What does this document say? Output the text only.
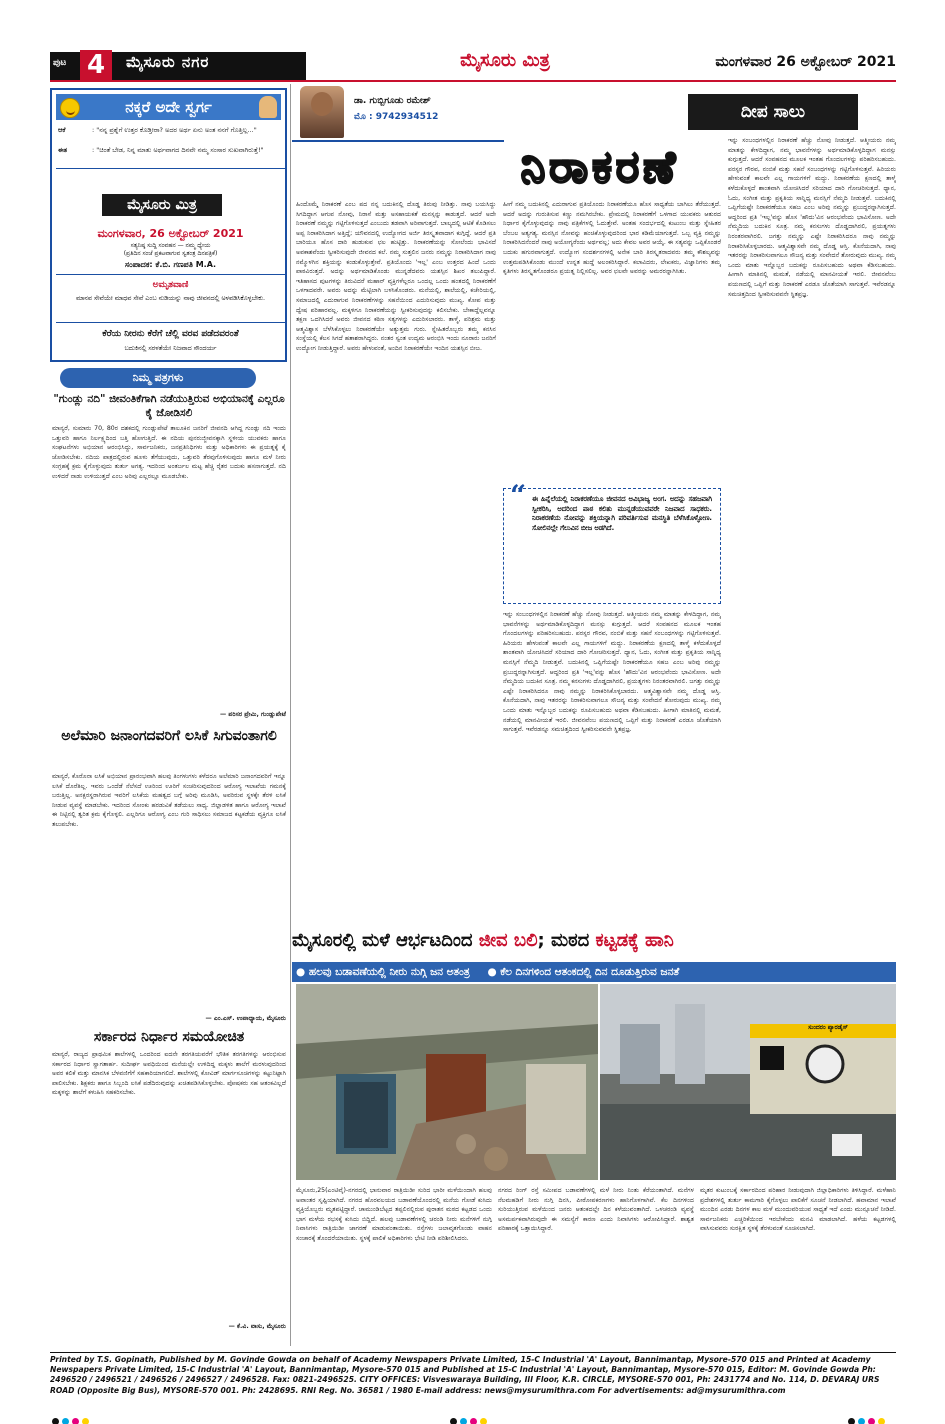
ಪುಟ 4	ಮೈಸೂರು ನಗರ	ಮೈಸೂರು ಮಿತ್ರ	ಮಂಗಳವಾರ 26 ಅಕ್ಟೋಬರ್ 2021
ನಕ್ಕರೆ ಅದೇ ಸ್ವರ್ಗ
ಆಕೆ	: "ನನ್ನ ಪ್ರಶ್ನೆಗೆ ಉತ್ತರ ಕೊಡ್ತೀರಾ? ಅದರ ಅರ್ಥ ಏನು ಅಂತ ನನಗೆ ಗೊತ್ತಿಲ್ಲ..."
ಈತ	: "ಚಿಂತೆ ಬೇಡ, ನಿನ್ನ ಮಾತು ಅರ್ಥವಾಗದ ದಿನವೇ ನಮ್ಮ ಸಂಸಾರ ಸುಖವಾಗಿರುತ್ತೆ!"
ಮೈಸೂರು ಮಿತ್ರ
ಮಂಗಳವಾರ, 26 ಅಕ್ಟೋಬರ್ 2021
ಸತ್ಯನಿಷ್ಠ ಸುದ್ದಿ ಸಂವಹನ — ನಮ್ಮ ಧ್ಯೇಯ
(ಪ್ರತಿದಿನ ಸಂಜೆ ಪ್ರಕಟವಾಗುವ ಸ್ವತಂತ್ರ ದಿನಪತ್ರಿಕೆ)
ಸಂಪಾದಕ: ಕೆ.ಬಿ. ಗಣಪತಿ M.A.
ಅಮೃತವಾಣಿ
ಮಾನವ ಸೇವೆಯೇ ಮಾಧವ ಸೇವೆ ಎಂಬ ನುಡಿಯನ್ನು ನಾವು ಜೀವನದಲ್ಲಿ ಅಳವಡಿಸಿಕೊಳ್ಳಬೇಕು.
ಕೆರೆಯ ನೀರನು ಕೆರೆಗೆ ಚೆಲ್ಲಿ ವರವ ಪಡೆದವರಂತೆ
ಬದುಕಿನಲ್ಲಿ ಸರಳತೆಯೇ ನಿಜವಾದ ಸೌಂದರ್ಯ
ನಿಮ್ಮ ಪತ್ರಗಳು
"ಗುಂಡ್ಲು ನದಿ" ಜೀವಂತಿಕೆಗಾಗಿ ನಡೆಯುತ್ತಿರುವ ಅಭಿಯಾನಕ್ಕೆ ಎಲ್ಲರೂ ಕೈ ಜೋಡಿಸಲಿ
ಮಾನ್ಯರೆ, ಸುಮಾರು 70, 80ರ ದಶಕದಲ್ಲಿ ಗುಂಡ್ಲುಪೇಟೆ ತಾಲೂಕಿನ ಜನರಿಗೆ ಜೀವನದಿ ಆಗಿದ್ದ ಗುಂಡ್ಲು ನದಿ ಇಂದು ಒತ್ತುವರಿ ಹಾಗೂ ನಿರ್ಲಕ್ಷ್ಯದಿಂದ ಬತ್ತಿ ಹೋಗುತ್ತಿದೆ. ಈ ನದಿಯ ಪುನರುಜ್ಜೀವನಕ್ಕಾಗಿ ಸ್ಥಳೀಯ ಯುವಕರು ಹಾಗೂ ಸಂಘಟನೆಗಳು ಅಭಿಯಾನ ಆರಂಭಿಸಿದ್ದು, ಸಾರ್ವಜನಿಕರು, ಜನಪ್ರತಿನಿಧಿಗಳು ಮತ್ತು ಅಧಿಕಾರಿಗಳು ಈ ಪ್ರಯತ್ನಕ್ಕೆ ಕೈ ಜೋಡಿಸಬೇಕು. ನದಿಯ ಪಾತ್ರದಲ್ಲಿರುವ ಹೂಳು ತೆಗೆಯುವುದು, ಒತ್ತುವರಿ ತೆರವುಗೊಳಿಸುವುದು ಹಾಗೂ ಮಳೆ ನೀರು ಸಂಗ್ರಹಕ್ಕೆ ಕ್ರಮ ಕೈಗೊಳ್ಳುವುದು ತುರ್ತು ಅಗತ್ಯ. ಇದರಿಂದ ಅಂತರ್ಜಲ ಮಟ್ಟ ಹೆಚ್ಚಿ ರೈತರ ಬದುಕು ಹಸನಾಗುತ್ತದೆ. ನದಿ ಉಳಿದರೆ ನಾಡು ಉಳಿಯುತ್ತದೆ ಎಂಬ ಅರಿವು ಎಲ್ಲರಲ್ಲೂ ಮೂಡಬೇಕು.
— ಪರಿಸರ ಪ್ರೇಮಿ, ಗುಂಡ್ಲುಪೇಟೆ
ಅಲೆಮಾರಿ ಜನಾಂಗದವರಿಗೆ ಲಸಿಕೆ ಸಿಗುವಂತಾಗಲಿ
ಮಾನ್ಯರೆ, ಕೊರೊನಾ ಲಸಿಕೆ ಅಭಿಯಾನ ಪ್ರಾರಂಭವಾಗಿ ಹಲವು ತಿಂಗಳುಗಳು ಕಳೆದರೂ ಅಲೆಮಾರಿ ಜನಾಂಗದವರಿಗೆ ಇನ್ನೂ ಲಸಿಕೆ ದೊರೆತಿಲ್ಲ. ಇವರು ಒಂದೆಡೆ ನೆಲೆಸದೆ ಊರಿಂದ ಊರಿಗೆ ಸಂಚರಿಸುವುದರಿಂದ ಆರೋಗ್ಯ ಇಲಾಖೆಯ ಗಮನಕ್ಕೆ ಬರುತ್ತಿಲ್ಲ. ಅನಕ್ಷರಸ್ಥರಾಗಿರುವ ಇವರಿಗೆ ಲಸಿಕೆಯ ಮಹತ್ವದ ಬಗ್ಗೆ ಅರಿವು ಮೂಡಿಸಿ, ಅವರಿರುವ ಸ್ಥಳಕ್ಕೇ ತೆರಳಿ ಲಸಿಕೆ ನೀಡುವ ವ್ಯವಸ್ಥೆ ಮಾಡಬೇಕು. ಇದರಿಂದ ಸೋಂಕು ಹರಡುವಿಕೆ ತಡೆಯಲು ಸಾಧ್ಯ. ಜಿಲ್ಲಾಡಳಿತ ಹಾಗೂ ಆರೋಗ್ಯ ಇಲಾಖೆ ಈ ನಿಟ್ಟಿನಲ್ಲಿ ತ್ವರಿತ ಕ್ರಮ ಕೈಗೊಳ್ಳಲಿ. ಎಲ್ಲರಿಗೂ ಆರೋಗ್ಯ ಎಂಬ ಗುರಿ ಸಾಧಿಸಲು ಸಮಾಜದ ಕಟ್ಟಕಡೆಯ ವ್ಯಕ್ತಿಗೂ ಲಸಿಕೆ ತಲುಪಬೇಕು.
— ಎಂ.ಎಸ್. ಉಪಾಧ್ಯಾಯ, ಮೈಸೂರು
ಸರ್ಕಾರದ ನಿರ್ಧಾರ ಸಮಯೋಚಿತ
ಮಾನ್ಯರೆ, ರಾಜ್ಯದ ಪ್ರಾಥಮಿಕ ಶಾಲೆಗಳಲ್ಲಿ ಒಂದರಿಂದ ಐದನೇ ತರಗತಿಯವರೆಗೆ ಭೌತಿಕ ತರಗತಿಗಳನ್ನು ಆರಂಭಿಸುವ ಸರ್ಕಾರದ ನಿರ್ಧಾರ ಸ್ವಾಗತಾರ್ಹ. ಸುದೀರ್ಘ ಅವಧಿಯಿಂದ ಮನೆಯಲ್ಲೇ ಉಳಿದಿದ್ದ ಮಕ್ಕಳು ಶಾಲೆಗೆ ಮರಳುವುದರಿಂದ ಅವರ ಕಲಿಕೆ ಮತ್ತು ಮಾನಸಿಕ ಬೆಳವಣಿಗೆಗೆ ಸಹಕಾರಿಯಾಗಲಿದೆ. ಶಾಲೆಗಳಲ್ಲಿ ಕೋವಿಡ್ ಮಾರ್ಗಸೂಚಿಗಳನ್ನು ಕಟ್ಟುನಿಟ್ಟಾಗಿ ಪಾಲಿಸಬೇಕು. ಶಿಕ್ಷಕರು ಹಾಗೂ ಸಿಬ್ಬಂದಿ ಲಸಿಕೆ ಪಡೆದಿರುವುದನ್ನು ಖಚಿತಪಡಿಸಿಕೊಳ್ಳಬೇಕು. ಪೋಷಕರು ಸಹ ಆತಂಕವಿಲ್ಲದೆ ಮಕ್ಕಳನ್ನು ಶಾಲೆಗೆ ಕಳುಹಿಸಿ ಸಹಕರಿಸಬೇಕು.
— ಕೆ.ವಿ. ವಾಸು, ಮೈಸೂರು
ಡಾ. ಗುಬ್ಬಿಗೂಡು ರಮೇಶ್
ಮೊ : 9742934512	ದೀಪ ಸಾಲು
ನಿರಾಕರಣೆ
ಹಿಂದೊಮ್ಮೆ ನಿರಾಕರಣೆ ಎಂಬ ಪದ ನನ್ನ ಬದುಕಿನಲ್ಲಿ ದೊಡ್ಡ ತಿರುವು ನೀಡಿತ್ತು. ನಾವು ಬಯಸಿದ್ದು ಸಿಗದಿದ್ದಾಗ ಆಗುವ ನೋವು, ನಿರಾಸೆ ಮತ್ತು ಅಸಹಾಯಕತೆ ಮನಸ್ಸನ್ನು ಕಾಡುತ್ತದೆ. ಆದರೆ ಅದೇ ನಿರಾಕರಣೆ ನಮ್ಮನ್ನು ಗಟ್ಟಿಗೊಳಿಸುತ್ತದೆ ಎಂಬುದು ತಡವಾಗಿ ಅರಿವಾಗುತ್ತದೆ. ಬಾಲ್ಯದಲ್ಲಿ ಆಟಿಕೆ ಕೊಡಿಸಲು ಅಪ್ಪ ನಿರಾಕರಿಸಿದಾಗ ಅತ್ತಿದ್ದೆ; ಯೌವನದಲ್ಲಿ ಉದ್ಯೋಗದ ಅರ್ಜಿ ತಿರಸ್ಕೃತವಾದಾಗ ಕುಗ್ಗಿದ್ದೆ. ಆದರೆ ಪ್ರತಿ ಬಾರಿಯೂ ಹೊಸ ದಾರಿ ಹುಡುಕುವ ಛಲ ಹುಟ್ಟಿತ್ತು. ನಿರಾಕರಣೆಯನ್ನು ಸೋಲೆಂದು ಭಾವಿಸದೆ ಅವಕಾಶವೆಂದು ಸ್ವೀಕರಿಸುವುದೇ ಜೀವನದ ಕಲೆ. ನಮ್ಮ ಸುತ್ತಲಿನ ಜನರು ನಮ್ಮನ್ನು ನಿರಾಕರಿಸಿದಾಗ ನಾವು ನಮ್ಮೊಳಗಿನ ಶಕ್ತಿಯನ್ನು ಕಂಡುಕೊಳ್ಳುತ್ತೇವೆ. ಪ್ರತಿಯೊಂದು 'ಇಲ್ಲ' ಎಂಬ ಉತ್ತರದ ಹಿಂದೆ ಒಂದು ಪಾಠವಿರುತ್ತದೆ. ಅದನ್ನು ಅರ್ಥಮಾಡಿಕೊಂಡು ಮುನ್ನಡೆದವರು ಯಶಸ್ಸಿನ ಶಿಖರ ತಲುಪಿದ್ದಾರೆ. ಇತಿಹಾಸದ ಪುಟಗಳನ್ನು ತಿರುವಿದರೆ ಮಹಾನ್ ವ್ಯಕ್ತಿಗಳೆಲ್ಲರೂ ಒಂದಲ್ಲ ಒಂದು ಹಂತದಲ್ಲಿ ನಿರಾಕರಣೆಗೆ ಒಳಗಾದವರೇ. ಅವರು ಅದನ್ನು ಮೆಟ್ಟಿಲಾಗಿ ಬಳಸಿಕೊಂಡರು. ಮನೆಯಲ್ಲಿ, ಶಾಲೆಯಲ್ಲಿ, ಕಚೇರಿಯಲ್ಲಿ, ಸಮಾಜದಲ್ಲಿ ಎದುರಾಗುವ ನಿರಾಕರಣೆಗಳನ್ನು ಸಹನೆಯಿಂದ ಎದುರಿಸುವುದು ಮುಖ್ಯ. ಕೋಪ ಮತ್ತು ದ್ವೇಷ ಪರಿಹಾರವಲ್ಲ. ಮಕ್ಕಳಿಗೂ ನಿರಾಕರಣೆಯನ್ನು ಸ್ವೀಕರಿಸುವುದನ್ನು ಕಲಿಸಬೇಕು. ಬೇಕಾದ್ದೆಲ್ಲವನ್ನೂ ತಕ್ಷಣ ಒದಗಿಸಿದರೆ ಅವರು ಜೀವನದ ಕಠಿಣ ಸತ್ಯಗಳನ್ನು ಎದುರಿಸಲಾರರು. ತಾಳ್ಮೆ, ಪರಿಶ್ರಮ ಮತ್ತು ಆತ್ಮವಿಶ್ವಾಸ ಬೆಳೆಸಿಕೊಳ್ಳಲು ನಿರಾಕರಣೆಯೇ ಅತ್ಯುತ್ತಮ ಗುರು. ಸ್ನೇಹಿತರೊಬ್ಬರು ತಮ್ಮ ಕನಸಿನ ಸಂಸ್ಥೆಯಲ್ಲಿ ಕೆಲಸ ಸಿಗದೆ ಹತಾಶರಾಗಿದ್ದರು. ನಂತರ ಸ್ವಂತ ಉದ್ಯಮ ಆರಂಭಿಸಿ ಇಂದು ನೂರಾರು ಜನರಿಗೆ ಉದ್ಯೋಗ ನೀಡುತ್ತಿದ್ದಾರೆ. ಅವರು ಹೇಳುವಂತೆ, ಅಂದಿನ ನಿರಾಕರಣೆಯೇ ಇಂದಿನ ಯಶಸ್ಸಿನ ಬೀಜ.
ಹೀಗೆ ನಮ್ಮ ಬದುಕಿನಲ್ಲಿ ಎದುರಾಗುವ ಪ್ರತಿಯೊಂದು ನಿರಾಕರಣೆಯೂ ಹೊಸ ಸಾಧ್ಯತೆಯ ಬಾಗಿಲು ತೆರೆಯುತ್ತದೆ. ಆದರೆ ಅದನ್ನು ಗುರುತಿಸುವ ಕಣ್ಣು ನಮಗಿರಬೇಕು. ಪ್ರೇಮದಲ್ಲಿ ನಿರಾಕರಣೆಗೆ ಒಳಗಾದ ಯುವಕರು ಆತುರದ ನಿರ್ಧಾರ ಕೈಗೊಳ್ಳುವುದನ್ನು ನಾವು ಪತ್ರಿಕೆಗಳಲ್ಲಿ ಓದುತ್ತೇವೆ. ಅಂತಹ ಸಂದರ್ಭದಲ್ಲಿ ಕುಟುಂಬ ಮತ್ತು ಸ್ನೇಹಿತರ ಬೆಂಬಲ ಅತ್ಯಗತ್ಯ. ಮನಸ್ಸಿನ ನೋವನ್ನು ಹಂಚಿಕೊಳ್ಳುವುದರಿಂದ ಭಾರ ಕಡಿಮೆಯಾಗುತ್ತದೆ. ಒಬ್ಬ ವ್ಯಕ್ತಿ ನಮ್ಮನ್ನು ನಿರಾಕರಿಸಿದನೆಂದರೆ ನಾವು ಅಯೋಗ್ಯರೆಂದು ಅರ್ಥವಲ್ಲ; ಅದು ಕೇವಲ ಅವರ ಆಯ್ಕೆ. ಈ ಸತ್ಯವನ್ನು ಒಪ್ಪಿಕೊಂಡರೆ ಬದುಕು ಹಗುರವಾಗುತ್ತದೆ. ಉದ್ಯೋಗ ಸಂದರ್ಶನಗಳಲ್ಲಿ ಅನೇಕ ಬಾರಿ ತಿರಸ್ಕೃತರಾದವರು ತಮ್ಮ ಕೌಶಲ್ಯವನ್ನು ಉತ್ತಮಪಡಿಸಿಕೊಂಡು ಮುಂದೆ ಉನ್ನತ ಹುದ್ದೆ ಅಲಂಕರಿಸಿದ್ದಾರೆ. ಕಲಾವಿದರು, ಲೇಖಕರು, ವಿಜ್ಞಾನಿಗಳು ತಮ್ಮ ಕೃತಿಗಳು ತಿರಸ್ಕೃತಗೊಂಡರೂ ಪ್ರಯತ್ನ ನಿಲ್ಲಿಸಲಿಲ್ಲ. ಅವರ ಛಲವೇ ಅವರನ್ನು ಅಮರರನ್ನಾಗಿಸಿತು.
“ ಈ ಹಿನ್ನೆಲೆಯಲ್ಲಿ ನಿರಾಕರಣೆಯೂ ಜೀವನದ ಅವಿಭಾಜ್ಯ ಅಂಗ. ಅದನ್ನು ಸಹಜವಾಗಿ ಸ್ವೀಕರಿಸಿ, ಅದರಿಂದ ಪಾಠ ಕಲಿತು ಮುನ್ನಡೆಯುವವರೇ ನಿಜವಾದ ಸಾಧಕರು. ನಿರಾಕರಣೆಯ ನೋವನ್ನು ಶಕ್ತಿಯನ್ನಾಗಿ ಪರಿವರ್ತಿಸುವ ಮನಸ್ಥಿತಿ ಬೆಳೆಸಿಕೊಳ್ಳೋಣ. ಸೋಲಿನಲ್ಲೇ ಗೆಲುವಿನ ಬೀಜ ಅಡಗಿದೆ.
ಇನ್ನು ಸಂಬಂಧಗಳಲ್ಲಿನ ನಿರಾಕರಣೆ ಹೆಚ್ಚು ನೋವು ನೀಡುತ್ತದೆ. ಆತ್ಮೀಯರು ನಮ್ಮ ಮಾತನ್ನು ಕೇಳದಿದ್ದಾಗ, ನಮ್ಮ ಭಾವನೆಗಳನ್ನು ಅರ್ಥಮಾಡಿಕೊಳ್ಳದಿದ್ದಾಗ ಮನಸ್ಸು ಕುಗ್ಗುತ್ತದೆ. ಆದರೆ ಸಂವಹನದ ಮೂಲಕ ಇಂತಹ ಗೊಂದಲಗಳನ್ನು ಪರಿಹರಿಸಬಹುದು. ಪರಸ್ಪರ ಗೌರವ, ನಂಬಿಕೆ ಮತ್ತು ಸಹನೆ ಸಂಬಂಧಗಳನ್ನು ಗಟ್ಟಿಗೊಳಿಸುತ್ತವೆ. ಹಿರಿಯರು ಹೇಳುವಂತೆ ಕಾಲವೇ ಎಲ್ಲ ಗಾಯಗಳಿಗೆ ಮದ್ದು. ನಿರಾಕರಣೆಯ ಕ್ಷಣದಲ್ಲಿ ತಾಳ್ಮೆ ಕಳೆದುಕೊಳ್ಳದೆ ಶಾಂತವಾಗಿ ಯೋಚಿಸಿದರೆ ಸರಿಯಾದ ದಾರಿ ಗೋಚರಿಸುತ್ತದೆ. ಧ್ಯಾನ, ಓದು, ಸಂಗೀತ ಮತ್ತು ಪ್ರಕೃತಿಯ ಸಾನ್ನಿಧ್ಯ ಮನಸ್ಸಿಗೆ ನೆಮ್ಮದಿ ನೀಡುತ್ತವೆ. ಬದುಕಿನಲ್ಲಿ ಒಪ್ಪಿಗೆಯಷ್ಟೇ ನಿರಾಕರಣೆಯೂ ಸಹಜ ಎಂಬ ಅರಿವು ನಮ್ಮನ್ನು ಪ್ರಬುದ್ಧರನ್ನಾಗಿಸುತ್ತದೆ. ಆದ್ದರಿಂದ ಪ್ರತಿ 'ಇಲ್ಲ'ವನ್ನು ಹೊಸ 'ಹೌದು'ವಿನ ಆರಂಭವೆಂದು ಭಾವಿಸೋಣ. ಅದೇ ನೆಮ್ಮದಿಯ ಬದುಕಿನ ಸೂತ್ರ. ನಮ್ಮ ಕನಸುಗಳು ದೊಡ್ಡದಾಗಿರಲಿ, ಪ್ರಯತ್ನಗಳು ನಿರಂತರವಾಗಿರಲಿ. ಜಗತ್ತು ನಮ್ಮನ್ನು ಎಷ್ಟೇ ನಿರಾಕರಿಸಿದರೂ ನಾವು ನಮ್ಮನ್ನು ನಿರಾಕರಿಸಿಕೊಳ್ಳಬಾರದು. ಆತ್ಮವಿಶ್ವಾಸವೇ ನಮ್ಮ ದೊಡ್ಡ ಆಸ್ತಿ. ಕೊನೆಯದಾಗಿ, ನಾವು ಇತರರನ್ನು ನಿರಾಕರಿಸುವಾಗಲೂ ಸೌಜನ್ಯ ಮತ್ತು ಸಂವೇದನೆ ತೋರುವುದು ಮುಖ್ಯ. ನಮ್ಮ ಒಂದು ಮಾತು ಇನ್ನೊಬ್ಬರ ಬದುಕನ್ನು ರೂಪಿಸಬಹುದು ಅಥವಾ ಕೆಡಿಸಬಹುದು. ಹೀಗಾಗಿ ಮಾತಿನಲ್ಲಿ ಮಮತೆ, ನಡೆಯಲ್ಲಿ ಮಾನವೀಯತೆ ಇರಲಿ. ಜೀವನವೆಂಬ ಪಯಣದಲ್ಲಿ ಒಪ್ಪಿಗೆ ಮತ್ತು ನಿರಾಕರಣೆ ಎರಡೂ ಜೊತೆಯಾಗಿ ಸಾಗುತ್ತವೆ. ಇವೆರಡನ್ನೂ ಸಮಚಿತ್ತದಿಂದ ಸ್ವೀಕರಿಸುವವನೇ ಸ್ಥಿತಪ್ರಜ್ಞ.
ಇನ್ನು ಸಂಬಂಧಗಳಲ್ಲಿನ ನಿರಾಕರಣೆ ಹೆಚ್ಚು ನೋವು ನೀಡುತ್ತದೆ. ಆತ್ಮೀಯರು ನಮ್ಮ ಮಾತನ್ನು ಕೇಳದಿದ್ದಾಗ, ನಮ್ಮ ಭಾವನೆಗಳನ್ನು ಅರ್ಥಮಾಡಿಕೊಳ್ಳದಿದ್ದಾಗ ಮನಸ್ಸು ಕುಗ್ಗುತ್ತದೆ. ಆದರೆ ಸಂವಹನದ ಮೂಲಕ ಇಂತಹ ಗೊಂದಲಗಳನ್ನು ಪರಿಹರಿಸಬಹುದು. ಪರಸ್ಪರ ಗೌರವ, ನಂಬಿಕೆ ಮತ್ತು ಸಹನೆ ಸಂಬಂಧಗಳನ್ನು ಗಟ್ಟಿಗೊಳಿಸುತ್ತವೆ. ಹಿರಿಯರು ಹೇಳುವಂತೆ ಕಾಲವೇ ಎಲ್ಲ ಗಾಯಗಳಿಗೆ ಮದ್ದು. ನಿರಾಕರಣೆಯ ಕ್ಷಣದಲ್ಲಿ ತಾಳ್ಮೆ ಕಳೆದುಕೊಳ್ಳದೆ ಶಾಂತವಾಗಿ ಯೋಚಿಸಿದರೆ ಸರಿಯಾದ ದಾರಿ ಗೋಚರಿಸುತ್ತದೆ. ಧ್ಯಾನ, ಓದು, ಸಂಗೀತ ಮತ್ತು ಪ್ರಕೃತಿಯ ಸಾನ್ನಿಧ್ಯ ಮನಸ್ಸಿಗೆ ನೆಮ್ಮದಿ ನೀಡುತ್ತವೆ. ಬದುಕಿನಲ್ಲಿ ಒಪ್ಪಿಗೆಯಷ್ಟೇ ನಿರಾಕರಣೆಯೂ ಸಹಜ ಎಂಬ ಅರಿವು ನಮ್ಮನ್ನು ಪ್ರಬುದ್ಧರನ್ನಾಗಿಸುತ್ತದೆ. ಆದ್ದರಿಂದ ಪ್ರತಿ 'ಇಲ್ಲ'ವನ್ನು ಹೊಸ 'ಹೌದು'ವಿನ ಆರಂಭವೆಂದು ಭಾವಿಸೋಣ. ಅದೇ ನೆಮ್ಮದಿಯ ಬದುಕಿನ ಸೂತ್ರ. ನಮ್ಮ ಕನಸುಗಳು ದೊಡ್ಡದಾಗಿರಲಿ, ಪ್ರಯತ್ನಗಳು ನಿರಂತರವಾಗಿರಲಿ. ಜಗತ್ತು ನಮ್ಮನ್ನು ಎಷ್ಟೇ ನಿರಾಕರಿಸಿದರೂ ನಾವು ನಮ್ಮನ್ನು ನಿರಾಕರಿಸಿಕೊಳ್ಳಬಾರದು. ಆತ್ಮವಿಶ್ವಾಸವೇ ನಮ್ಮ ದೊಡ್ಡ ಆಸ್ತಿ. ಕೊನೆಯದಾಗಿ, ನಾವು ಇತರರನ್ನು ನಿರಾಕರಿಸುವಾಗಲೂ ಸೌಜನ್ಯ ಮತ್ತು ಸಂವೇದನೆ ತೋರುವುದು ಮುಖ್ಯ. ನಮ್ಮ ಒಂದು ಮಾತು ಇನ್ನೊಬ್ಬರ ಬದುಕನ್ನು ರೂಪಿಸಬಹುದು ಅಥವಾ ಕೆಡಿಸಬಹುದು. ಹೀಗಾಗಿ ಮಾತಿನಲ್ಲಿ ಮಮತೆ, ನಡೆಯಲ್ಲಿ ಮಾನವೀಯತೆ ಇರಲಿ. ಜೀವನವೆಂಬ ಪಯಣದಲ್ಲಿ ಒಪ್ಪಿಗೆ ಮತ್ತು ನಿರಾಕರಣೆ ಎರಡೂ ಜೊತೆಯಾಗಿ ಸಾಗುತ್ತವೆ. ಇವೆರಡನ್ನೂ ಸಮಚಿತ್ತದಿಂದ ಸ್ವೀಕರಿಸುವವನೇ ಸ್ಥಿತಪ್ರಜ್ಞ.
ಮೈಸೂರಲ್ಲಿ ಮಳೆ ಆರ್ಭಟದಿಂದ ಜೀವ ಬಲಿ; ಮಠದ ಕಟ್ಟಡಕ್ಕೆ ಹಾನಿ
● ಹಲವು ಬಡಾವಣೆಯಲ್ಲಿ ನೀರು ನುಗ್ಗಿ ಜನ ಅತಂತ್ರ ● ಕೆಲ ದಿನಗಳಿಂದ ಆತಂಕದಲ್ಲಿ ದಿನ ದೂಡುತ್ತಿರುವ ಜನತೆ
ಸುಂದರಂ ಪ್ಯಾರಡೈಸ್
ಮೈಸೂರು,25(ಎಂಟಿವೈ)-ನಗರದಲ್ಲಿ ಭಾನುವಾರ ರಾತ್ರಿಯಿಡೀ ಸುರಿದ ಭಾರೀ ಮಳೆಯಿಂದಾಗಿ ಹಲವು ಅವಾಂತರ ಸೃಷ್ಟಿಯಾಗಿದೆ. ನಗರದ ಹೊರವಲಯದ ಬಡಾವಣೆಯೊಂದರಲ್ಲಿ ಮನೆಯ ಗೋಡೆ ಕುಸಿದು ವ್ಯಕ್ತಿಯೊಬ್ಬರು ಮೃತಪಟ್ಟಿದ್ದಾರೆ. ಚಾಮುಂಡಿಬೆಟ್ಟದ ತಪ್ಪಲಿನಲ್ಲಿರುವ ಪುರಾತನ ಮಠದ ಕಟ್ಟಡದ ಒಂದು ಭಾಗ ಮಳೆಯ ರಭಸಕ್ಕೆ ಕುಸಿದು ಬಿದ್ದಿದೆ. ಹಲವು ಬಡಾವಣೆಗಳಲ್ಲಿ ಚರಂಡಿ ನೀರು ಮನೆಗಳಿಗೆ ನುಗ್ಗಿ ನಿವಾಸಿಗಳು ರಾತ್ರಿಯಿಡೀ ಜಾಗರಣೆ ಮಾಡುವಂತಾಯಿತು. ರಸ್ತೆಗಳು ಜಲಾವೃತಗೊಂಡು ವಾಹನ ಸಂಚಾರಕ್ಕೆ ತೊಂದರೆಯಾಯಿತು. ಸ್ಥಳಕ್ಕೆ ಪಾಲಿಕೆ ಅಧಿಕಾರಿಗಳು ಭೇಟಿ ನೀಡಿ ಪರಿಶೀಲಿಸಿದರು.
ನಗರದ ರಿಂಗ್ ರಸ್ತೆ ಸಮೀಪದ ಬಡಾವಣೆಗಳಲ್ಲಿ ಮಳೆ ನೀರು ನಿಂತು ಕೆರೆಯಂತಾಗಿದೆ. ಮನೆಗಳ ನೆಲಮಹಡಿಗೆ ನೀರು ನುಗ್ಗಿ ದಿನಸಿ, ಪೀಠೋಪಕರಣಗಳು ಹಾನಿಗೊಳಗಾಗಿವೆ. ಕೆಲ ದಿನಗಳಿಂದ ಸುರಿಯುತ್ತಿರುವ ಮಳೆಯಿಂದ ಜನರು ಆತಂಕದಲ್ಲೇ ದಿನ ಕಳೆಯುವಂತಾಗಿದೆ. ಒಳಚರಂಡಿ ವ್ಯವಸ್ಥೆ ಅಸಮರ್ಪಕವಾಗಿರುವುದೇ ಈ ಸಮಸ್ಯೆಗೆ ಕಾರಣ ಎಂದು ನಿವಾಸಿಗಳು ಆರೋಪಿಸಿದ್ದಾರೆ. ಶಾಶ್ವತ ಪರಿಹಾರಕ್ಕೆ ಒತ್ತಾಯಿಸಿದ್ದಾರೆ.
ಮೃತರ ಕುಟುಂಬಕ್ಕೆ ಸರ್ಕಾರದಿಂದ ಪರಿಹಾರ ನೀಡುವುದಾಗಿ ಜಿಲ್ಲಾಧಿಕಾರಿಗಳು ತಿಳಿಸಿದ್ದಾರೆ. ಮಳೆಹಾನಿ ಪ್ರದೇಶಗಳಲ್ಲಿ ತುರ್ತು ಕಾಮಗಾರಿ ಕೈಗೊಳ್ಳಲು ಪಾಲಿಕೆಗೆ ಸೂಚನೆ ನೀಡಲಾಗಿದೆ. ಹವಾಮಾನ ಇಲಾಖೆ ಮುಂದಿನ ಎರಡು ದಿನಗಳ ಕಾಲ ಮಳೆ ಮುಂದುವರಿಯುವ ಸಾಧ್ಯತೆ ಇದೆ ಎಂದು ಮುನ್ಸೂಚನೆ ನೀಡಿದೆ. ಸಾರ್ವಜನಿಕರು ಎಚ್ಚರಿಕೆಯಿಂದ ಇರಬೇಕೆಂದು ಮನವಿ ಮಾಡಲಾಗಿದೆ. ಹಳೆಯ ಕಟ್ಟಡಗಳಲ್ಲಿ ವಾಸಿಸುವವರು ಸುರಕ್ಷಿತ ಸ್ಥಳಕ್ಕೆ ತೆರಳುವಂತೆ ಸೂಚಿಸಲಾಗಿದೆ.
Printed by T.S. Gopinath, Published by M. Govinde Gowda on behalf of Academy Newspapers Private Limited, 15-C Industrial 'A' Layout, Bannimantap, Mysore-570 015 and Printed at Academy Newspapers Private Limited, 15-C Industrial 'A' Layout, Bannimantap, Mysore-570 015 and Published at 15-C Industrial 'A' Layout, Bannimantap, Mysore-570 015, Editor: M. Govinde Gowda Ph: 2496520 / 2496521 / 2496526 / 2496527 / 2496528. Fax: 0821-2496525. CITY OFFICES: Visveswaraya Building, III Floor, K.R. CIRCLE, MYSORE-570 001, Ph: 2431774 and No. 114, D. DEVARAJ URS ROAD (Opposite Big Bus), MYSORE-570 001. Ph: 2428695. RNI Reg. No. 36581 / 1980 E-mail address: news@mysurumithra.com For advertisements: ad@mysurumithra.com
